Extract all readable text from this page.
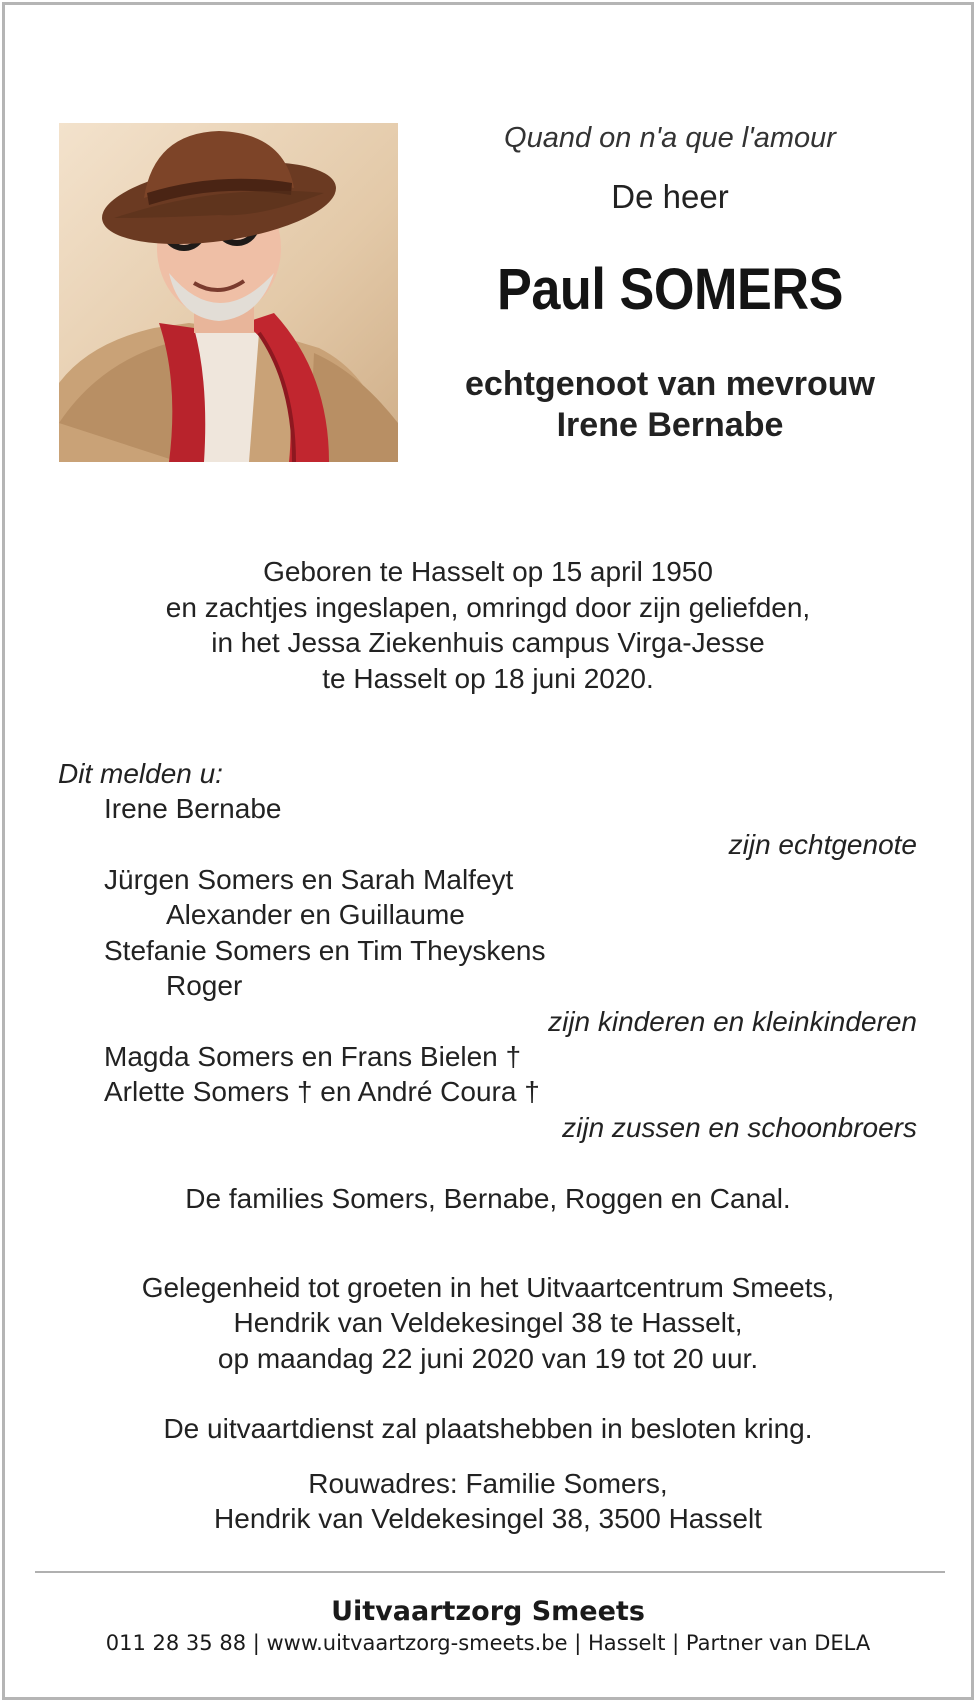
Quand on n'a que l'amour
De heer
Paul SOMERS
echtgenoot van mevrouw
Irene Bernabe
Geboren te Hasselt op 15 april 1950
en zachtjes ingeslapen, omringd door zijn geliefden,
in het Jessa Ziekenhuis campus Virga-Jesse
te Hasselt op 18 juni 2020.
Dit melden u:
Irene Bernabe
zijn echtgenote
Jürgen Somers en Sarah Malfeyt
Alexander en Guillaume
Stefanie Somers en Tim Theyskens
Roger
zijn kinderen en kleinkinderen
Magda Somers en Frans Bielen †
Arlette Somers † en André Coura †
zijn zussen en schoonbroers
De families Somers, Bernabe, Roggen en Canal.
Gelegenheid tot groeten in het Uitvaartcentrum Smeets,
Hendrik van Veldekesingel 38 te Hasselt,
op maandag 22 juni 2020 van 19 tot 20 uur.
De uitvaartdienst zal plaatshebben in besloten kring.
Rouwadres: Familie Somers,
Hendrik van Veldekesingel 38, 3500 Hasselt
Uitvaartzorg Smeets
011 28 35 88 | www.uitvaartzorg-smeets.be | Hasselt | Partner van DELA
